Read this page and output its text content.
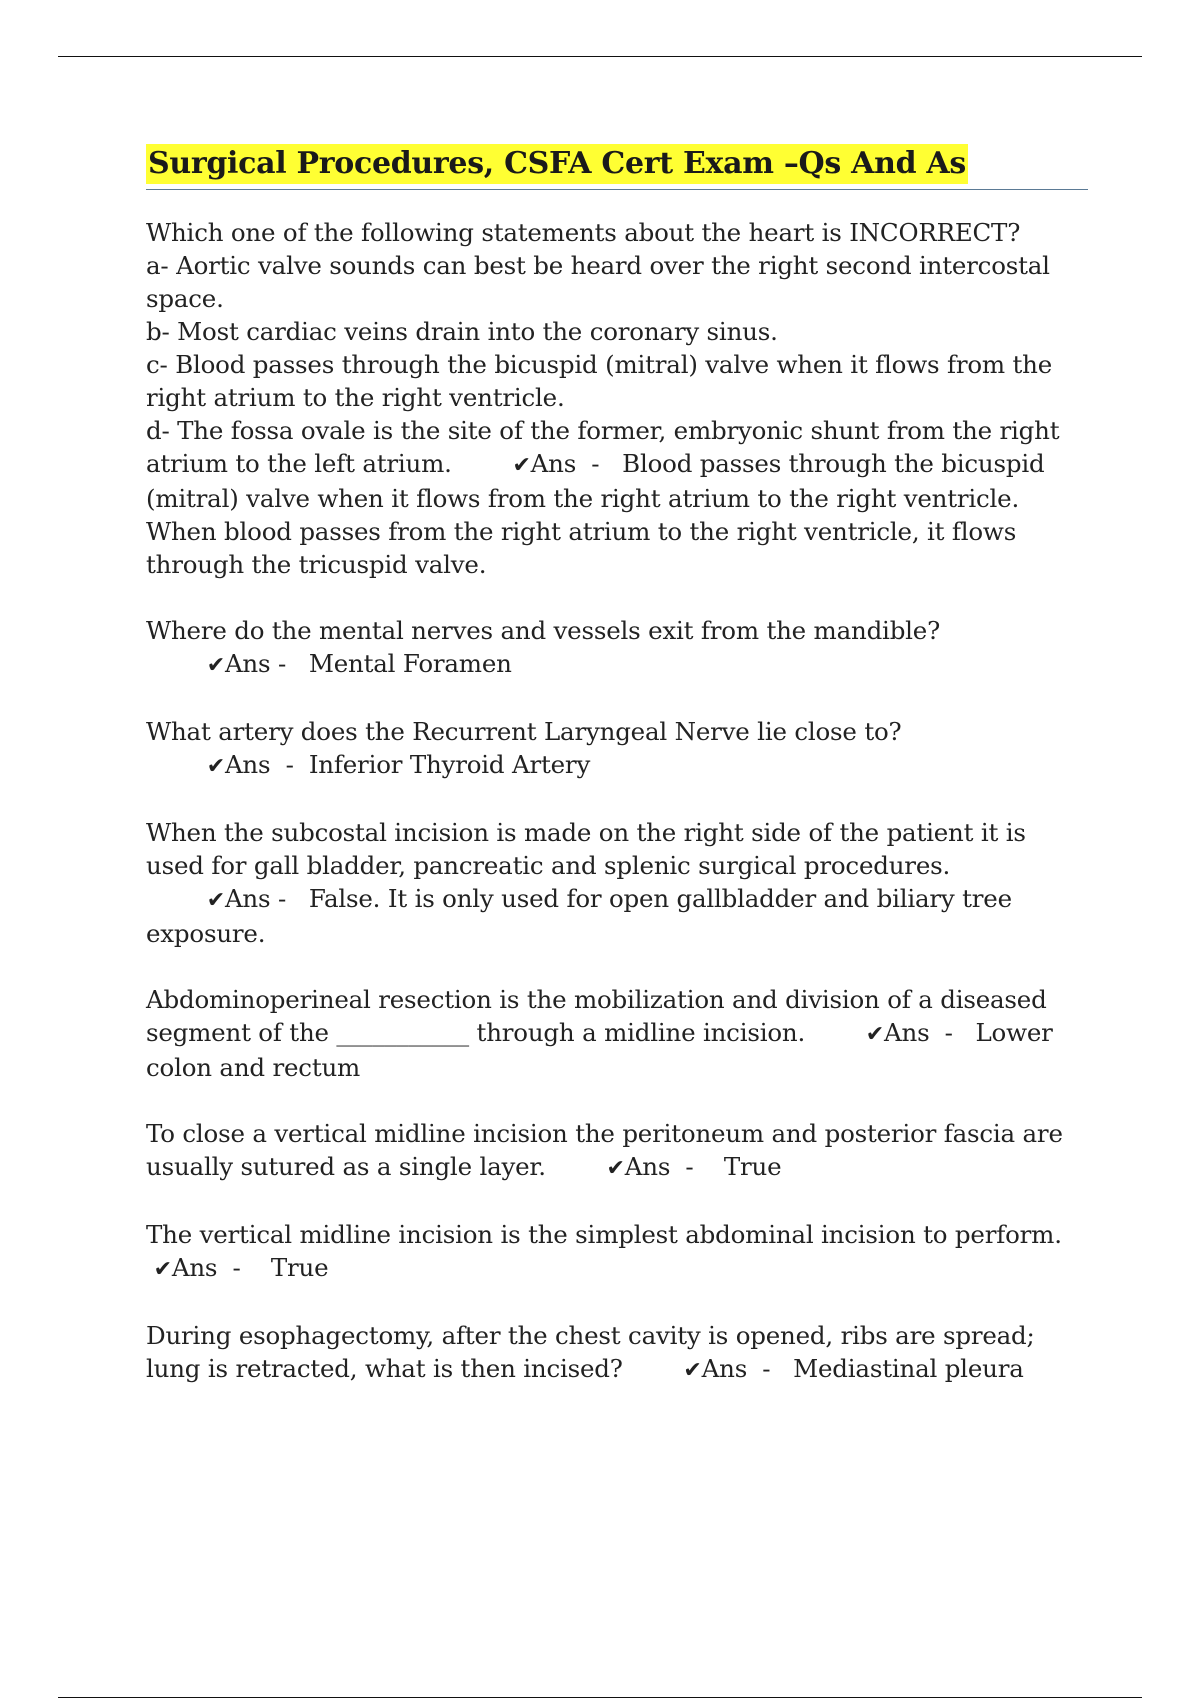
Surgical Procedures, CSFA Cert Exam –Qs And As

Which one of the following statements about the heart is INCORRECT?

a- Aortic valve sounds can best be heard over the right second intercostal space.

b- Most cardiac veins drain into the coronary sinus.

c- Blood passes through the bicuspid (mitral) valve when it flows from the right atrium to the right ventricle.

d- The fossa ovale is the site of the former, embryonic shunt from the right atrium to the left atrium.	✔Ans  -   Blood passes through the bicuspid (mitral) valve when it flows from the right atrium to the right ventricle. When blood passes from the right atrium to the right ventricle, it flows through the tricuspid valve.

Where do the mental nerves and vessels exit from the mandible?        ✔Ans -   Mental Foramen

What artery does the Recurrent Laryngeal Nerve lie close to?        ✔Ans  -  Inferior Thyroid Artery

When the subcostal incision is made on the right side of the patient it is used for gall bladder, pancreatic and splenic surgical procedures.        ✔Ans -   False. It is only used for open gallbladder and biliary tree exposure.

Abdominoperineal resection is the mobilization and division of a diseased segment of the ___________ through a midline incision.	✔Ans  -   Lower colon and rectum

To close a vertical midline incision the peritoneum and posterior fascia are usually sutured as a single layer.	✔Ans  -    True

The vertical midline incision is the simplest abdominal incision to perform. ✔Ans  -    True

During esophagectomy, after the chest cavity is opened, ribs are spread; lung is retracted, what is then incised?	✔Ans  -   Mediastinal pleura
